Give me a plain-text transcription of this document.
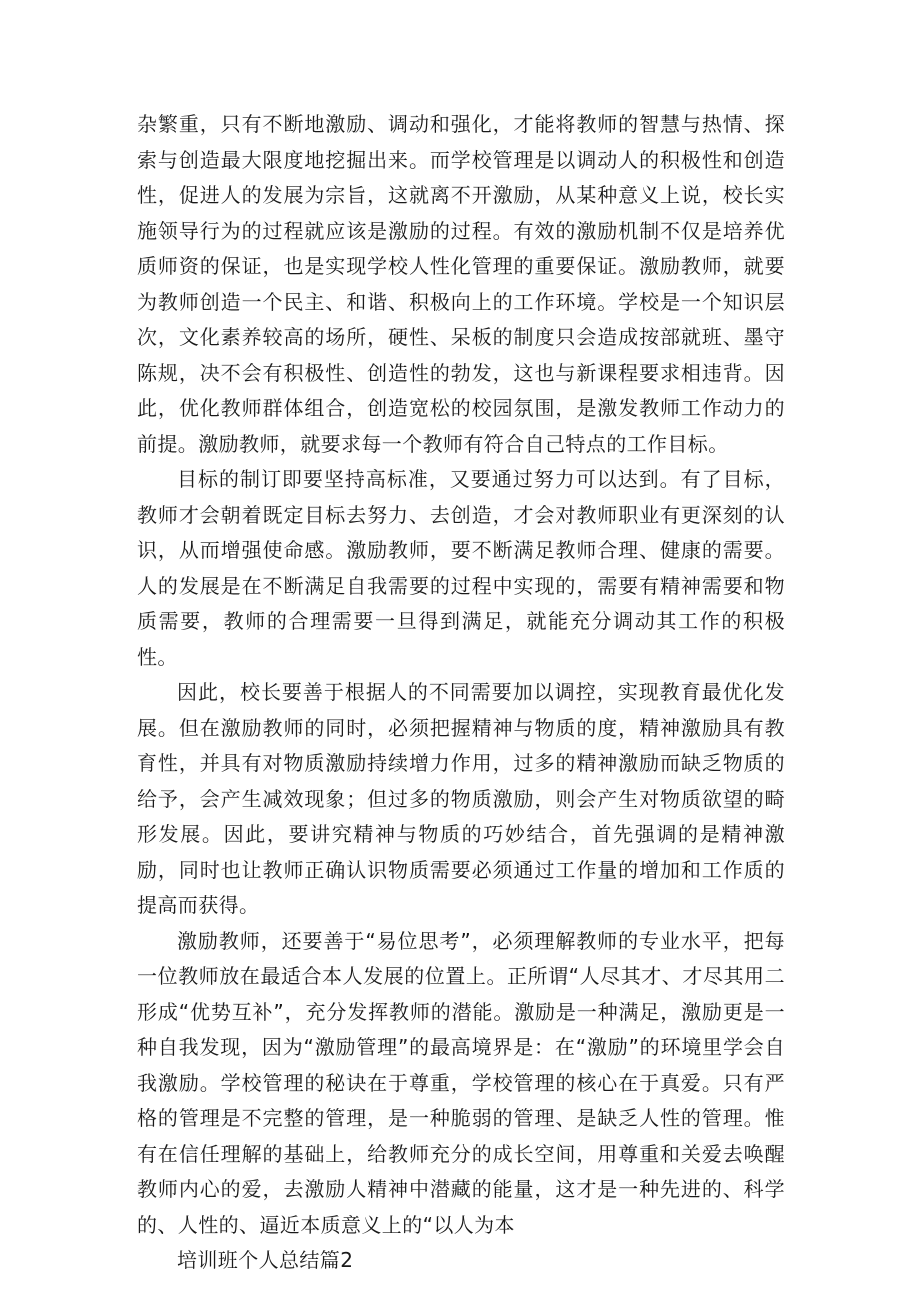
杂繁重，只有不断地激励、调动和强化，才能将教师的智慧与热情、探索与创造最大限度地挖掘出来。而学校管理是以调动人的积极性和创造性，促进人的发展为宗旨，这就离不开激励，从某种意义上说，校长实施领导行为的过程就应该是激励的过程。有效的激励机制不仅是培养优质师资的保证，也是实现学校人性化管理的重要保证。激励教师，就要为教师创造一个民主、和谐、积极向上的工作环境。学校是一个知识层次，文化素养较高的场所，硬性、呆板的制度只会造成按部就班、墨守陈规，决不会有积极性、创造性的勃发，这也与新课程要求相违背。因此，优化教师群体组合，创造宽松的校园氛围，是激发教师工作动力的前提。激励教师，就要求每一个教师有符合自己特点的工作目标。

目标的制订即要坚持高标准，又要通过努力可以达到。有了目标，教师才会朝着既定目标去努力、去创造，才会对教师职业有更深刻的认识，从而增强使命感。激励教师，要不断满足教师合理、健康的需要。人的发展是在不断满足自我需要的过程中实现的，需要有精神需要和物质需要，教师的合理需要一旦得到满足，就能充分调动其工作的积极性。

因此，校长要善于根据人的不同需要加以调控，实现教育最优化发展。但在激励教师的同时，必须把握精神与物质的度，精神激励具有教育性，并具有对物质激励持续增力作用，过多的精神激励而缺乏物质的给予，会产生减效现象；但过多的物质激励，则会产生对物质欲望的畸形发展。因此，要讲究精神与物质的巧妙结合，首先强调的是精神激励，同时也让教师正确认识物质需要必须通过工作量的增加和工作质的提高而获得。

激励教师，还要善于“易位思考”，必须理解教师的专业水平，把每一位教师放在最适合本人发展的位置上。正所谓“人尽其才、才尽其用二形成“优势互补”，充分发挥教师的潜能。激励是一种满足，激励更是一种自我发现，因为“激励管理”的最高境界是：在“激励”的环境里学会自我激励。学校管理的秘诀在于尊重，学校管理的核心在于真爱。只有严格的管理是不完整的管理，是一种脆弱的管理、是缺乏人性的管理。惟有在信任理解的基础上，给教师充分的成长空间，用尊重和关爱去唤醒教师内心的爱，去激励人精神中潜藏的能量，这才是一种先进的、科学的、人性的、逼近本质意义上的“以人为本

培训班个人总结篇2
